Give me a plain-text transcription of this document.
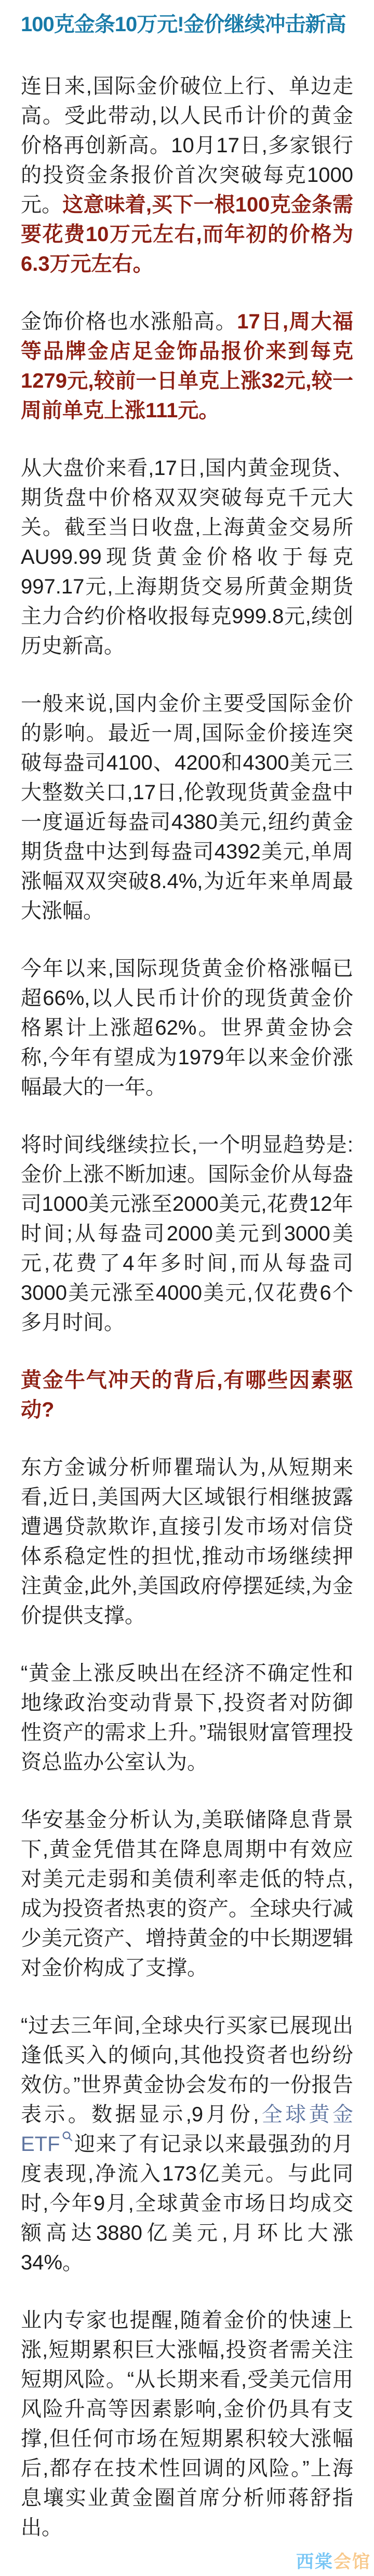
100克金条10万元!金价继续冲击新高

连日来,国际金价破位上行、单边走高。受此带动,以人民币计价的黄金价格再创新高。10月17日,多家银行的投资金条报价首次突破每克1000元。这意味着,买下一根100克金条需要花费10万元左右,而年初的价格为6.3万元左右。

金饰价格也水涨船高。17日,周大福等品牌金店足金饰品报价来到每克1279元,较前一日单克上涨32元,较一周前单克上涨111元。

从大盘价来看,17日,国内黄金现货、期货盘中价格双双突破每克千元大关。截至当日收盘,上海黄金交易所AU99.99现货黄金价格收于每克997.17元,上海期货交易所黄金期货主力合约价格收报每克999.8元,续创历史新高。

一般来说,国内金价主要受国际金价的影响。最近一周,国际金价接连突破每盎司4100、4200和4300美元三大整数关口,17日,伦敦现货黄金盘中一度逼近每盎司4380美元,纽约黄金期货盘中达到每盎司4392美元,单周涨幅双双突破8.4%,为近年来单周最大涨幅。

今年以来,国际现货黄金价格涨幅已超66%,以人民币计价的现货黄金价格累计上涨超62%。世界黄金协会称,今年有望成为1979年以来金价涨幅最大的一年。

将时间线继续拉长,一个明显趋势是:金价上涨不断加速。国际金价从每盎司1000美元涨至2000美元,花费12年时间;从每盎司2000美元到3000美元,花费了4年多时间,而从每盎司3000美元涨至4000美元,仅花费6个多月时间。

黄金牛气冲天的背后,有哪些因素驱动?

东方金诚分析师瞿瑞认为,从短期来看,近日,美国两大区域银行相继披露遭遇贷款欺诈,直接引发市场对信贷体系稳定性的担忧,推动市场继续押注黄金,此外,美国政府停摆延续,为金价提供支撑。

“黄金上涨反映出在经济不确定性和地缘政治变动背景下,投资者对防御性资产的需求上升。”瑞银财富管理投资总监办公室认为。

华安基金分析认为,美联储降息背景下,黄金凭借其在降息周期中有效应对美元走弱和美债利率走低的特点,成为投资者热衷的资产。全球央行减少美元资产、增持黄金的中长期逻辑对金价构成了支撑。

“过去三年间,全球央行买家已展现出逢低买入的倾向,其他投资者也纷纷效仿。”世界黄金协会发布的一份报告表示。数据显示,9月份,全球黄金ETF 迎来了有记录以来最强劲的月度表现,净流入173亿美元。与此同时,今年9月,全球黄金市场日均成交额高达3880亿美元,月环比大涨34%。

业内专家也提醒,随着金价的快速上涨,短期累积巨大涨幅,投资者需关注短期风险。“从长期来看,受美元信用风险升高等因素影响,金价仍具有支撑,但任何市场在短期累积较大涨幅后,都存在技术性回调的风险。”上海息壤实业黄金圈首席分析师蒋舒指出。

西棠会馆
